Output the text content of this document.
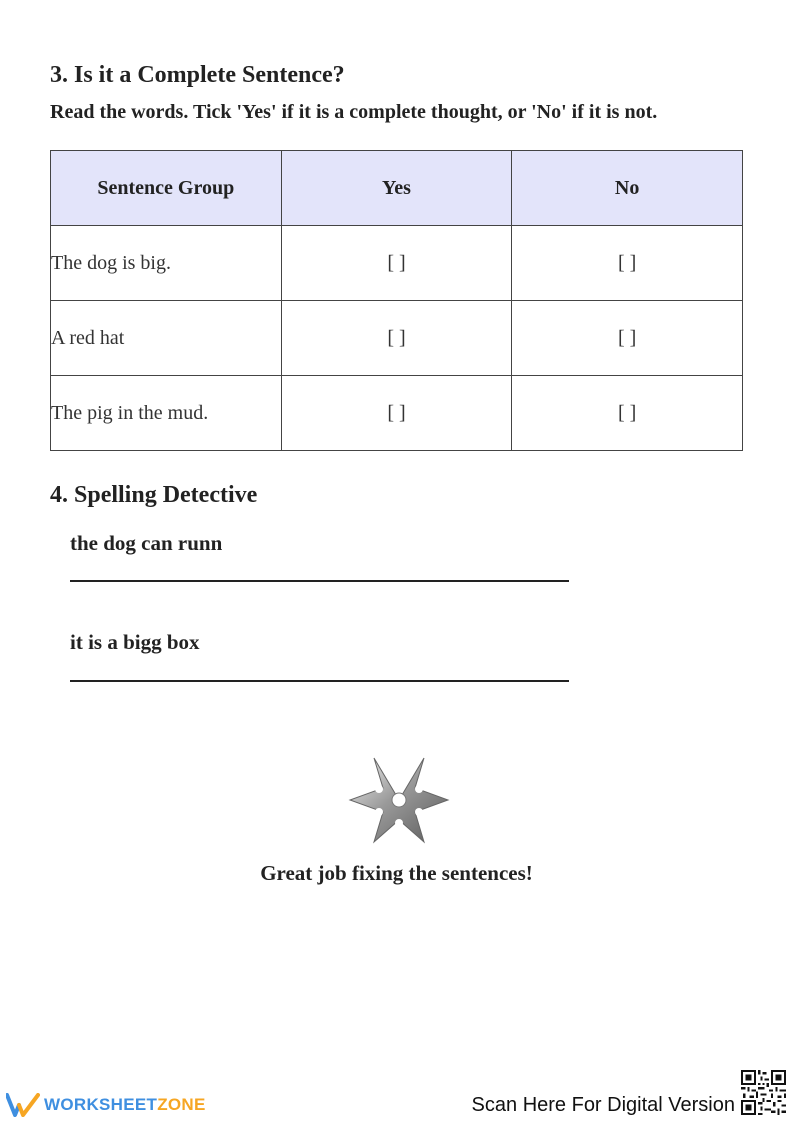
3. Is it a Complete Sentence?

Read the words. Tick 'Yes' if it is a complete thought, or 'No' if it is not.

Sentence Group	Yes	No
The dog is big.	[ ]	[ ]
A red hat	[ ]	[ ]
The pig in the mud.	[ ]	[ ]
4. Spelling Detective

the dog can runn

it is a bigg box

Great job fixing the sentences!

WORKSHEETZONE	Scan Here For Digital Version
